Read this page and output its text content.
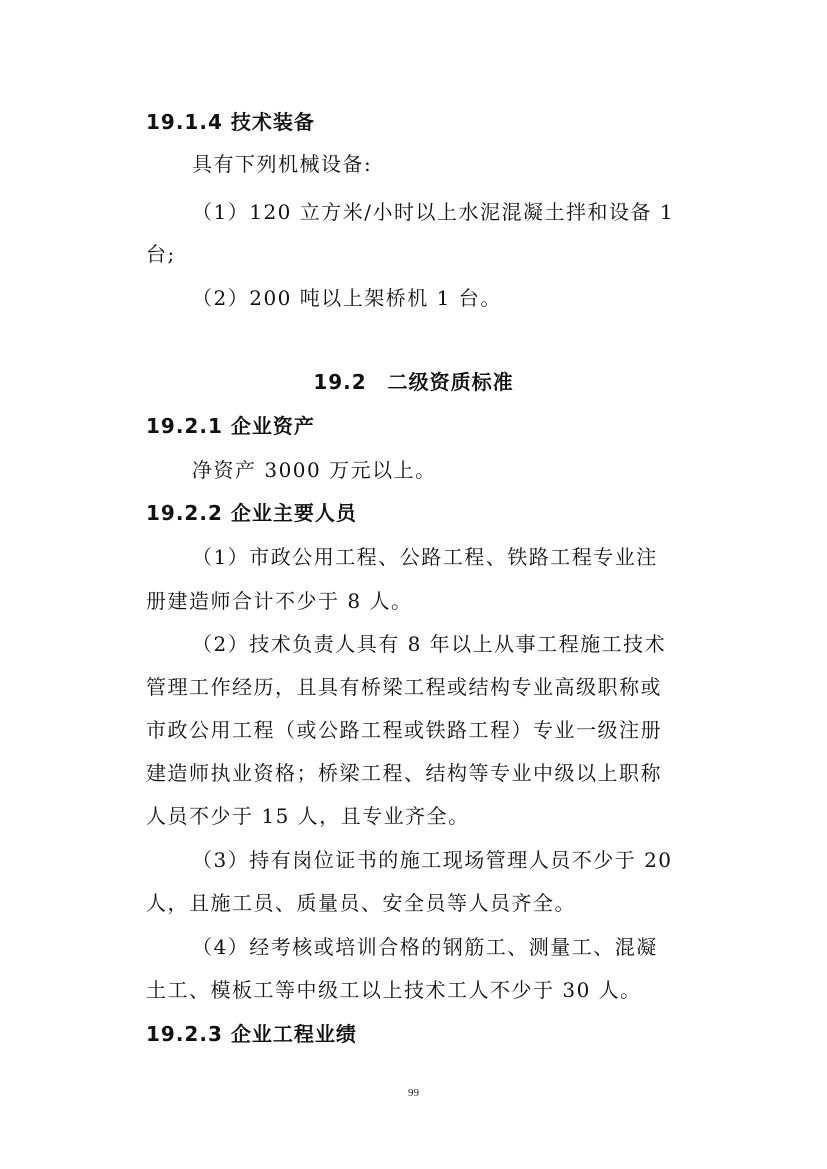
19.1.4 技术装备
具有下列机械设备:
（1）120 立方米/小时以上水泥混凝土拌和设备 1
台;
（2）200 吨以上架桥机 1 台。
19.2　二级资质标准
19.2.1 企业资产
净资产 3000 万元以上。
19.2.2 企业主要人员
（1）市政公用工程、公路工程、铁路工程专业注
册建造师合计不少于 8 人。
（2）技术负责人具有 8 年以上从事工程施工技术
管理工作经历，且具有桥梁工程或结构专业高级职称或
市政公用工程（或公路工程或铁路工程）专业一级注册
建造师执业资格；桥梁工程、结构等专业中级以上职称
人员不少于 15 人，且专业齐全。
（3）持有岗位证书的施工现场管理人员不少于 20
人，且施工员、质量员、安全员等人员齐全。
（4）经考核或培训合格的钢筋工、测量工、混凝
土工、模板工等中级工以上技术工人不少于 30 人。
19.2.3 企业工程业绩
99
